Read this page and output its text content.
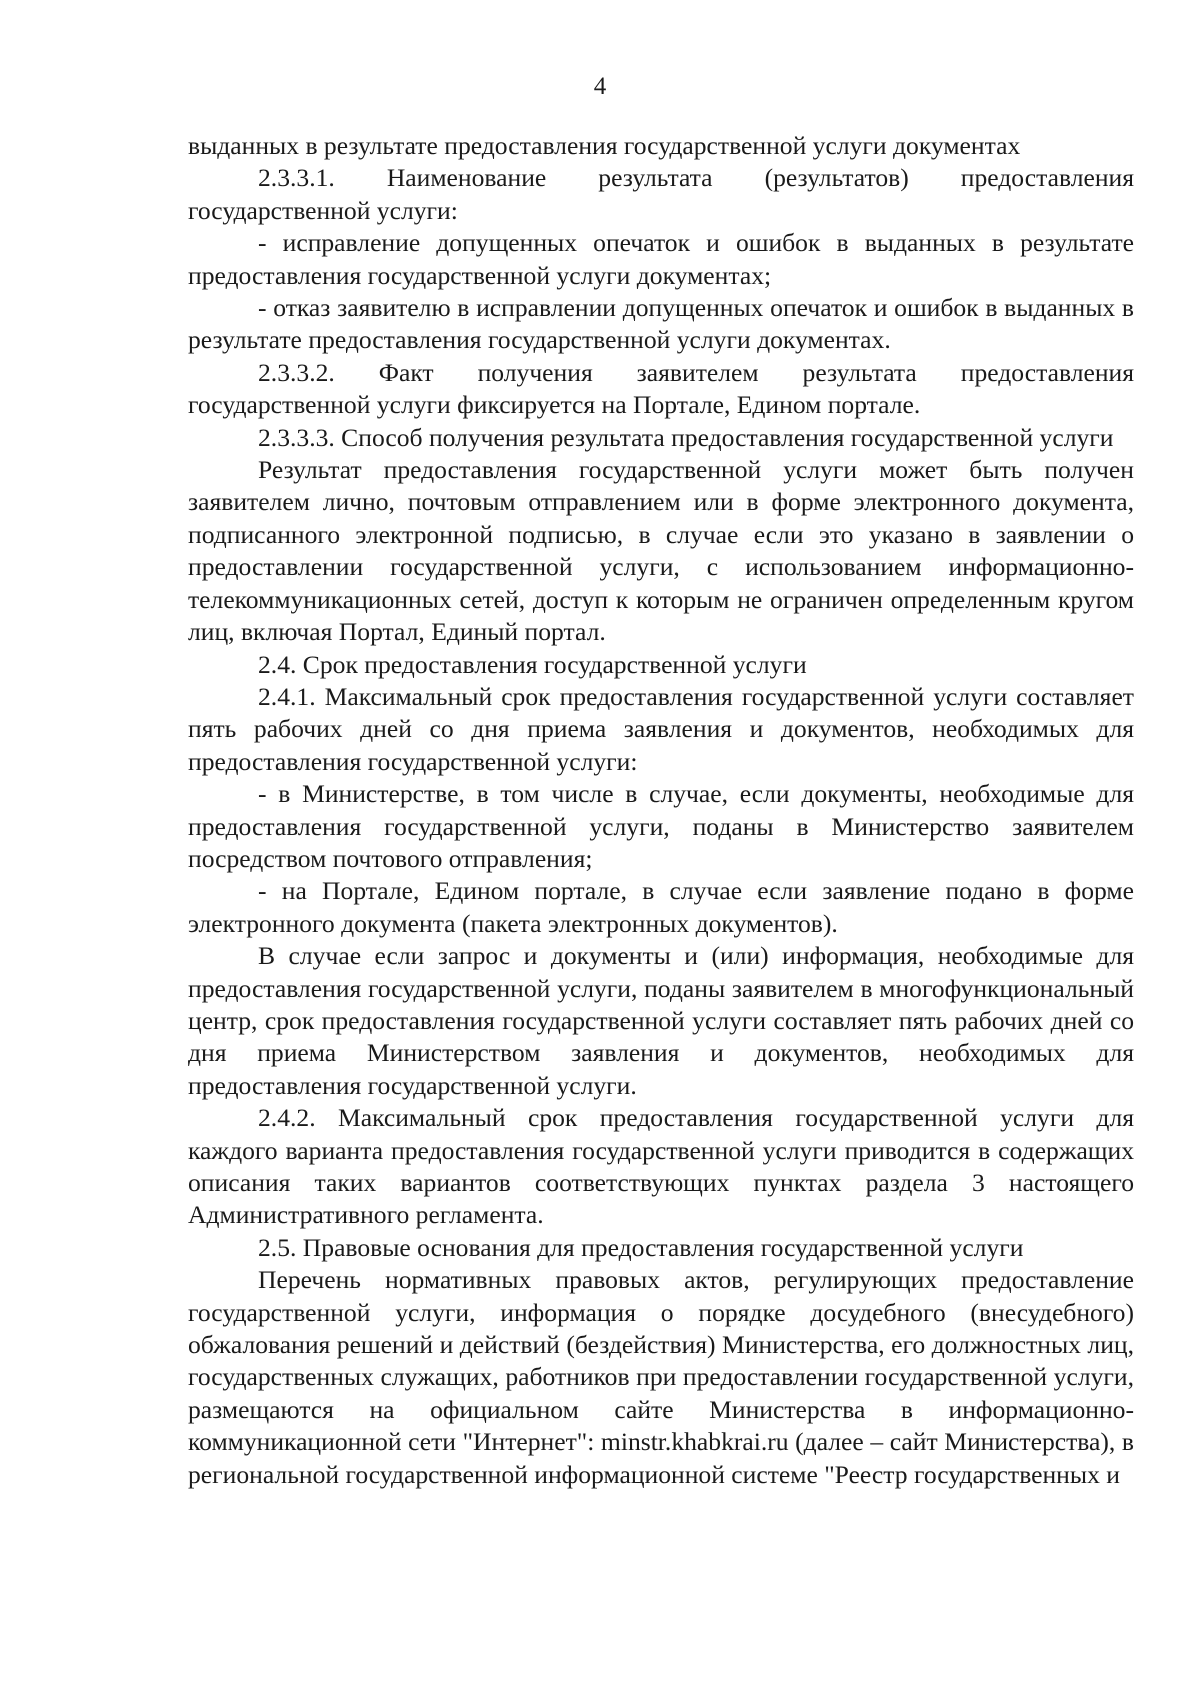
4

выданных в результате предоставления государственной услуги документах

2.3.3.1. Наименование результата (результатов) предоставления государственной услуги:

- исправление допущенных опечаток и ошибок в выданных в результате предоставления государственной услуги документах;

- отказ заявителю в исправлении допущенных опечаток и ошибок в выданных в результате предоставления государственной услуги документах.

2.3.3.2. Факт получения заявителем результата предоставления государственной услуги фиксируется на Портале, Едином портале.

2.3.3.3. Способ получения результата предоставления государственной услуги

Результат предоставления государственной услуги может быть получен заявителем лично, почтовым отправлением или в форме электронного документа, подписанного электронной подписью, в случае если это указано в заявлении о предоставлении государственной услуги, с использованием информационно-телекоммуникационных сетей, доступ к которым не ограничен определенным кругом лиц, включая Портал, Единый портал.

2.4. Срок предоставления государственной услуги

2.4.1. Максимальный срок предоставления государственной услуги составляет пять рабочих дней со дня приема заявления и документов, необходимых для предоставления государственной услуги:

- в Министерстве, в том числе в случае, если документы, необходимые для предоставления государственной услуги, поданы в Министерство заявителем посредством почтового отправления;

- на Портале, Едином портале, в случае если заявление подано в форме электронного документа (пакета электронных документов).

В случае если запрос и документы и (или) информация, необходимые для предоставления государственной услуги, поданы заявителем в многофункциональный центр, срок предоставления государственной услуги составляет пять рабочих дней со дня приема Министерством заявления и документов, необходимых для предоставления государственной услуги.

2.4.2. Максимальный срок предоставления государственной услуги для каждого варианта предоставления государственной услуги приводится в содержащих описания таких вариантов соответствующих пунктах раздела 3 настоящего Административного регламента.

2.5. Правовые основания для предоставления государственной услуги

Перечень нормативных правовых актов, регулирующих предоставление государственной услуги, информация о порядке досудебного (внесудебного) обжалования решений и действий (бездействия) Министерства, его должностных лиц, государственных служащих, работников при предоставлении государственной услуги, размещаются на официальном сайте Министерства в информационно-коммуникационной сети "Интернет": minstr.khabkrai.ru (далее – сайт Министерства), в региональной государственной информационной системе "Реестр государственных и
